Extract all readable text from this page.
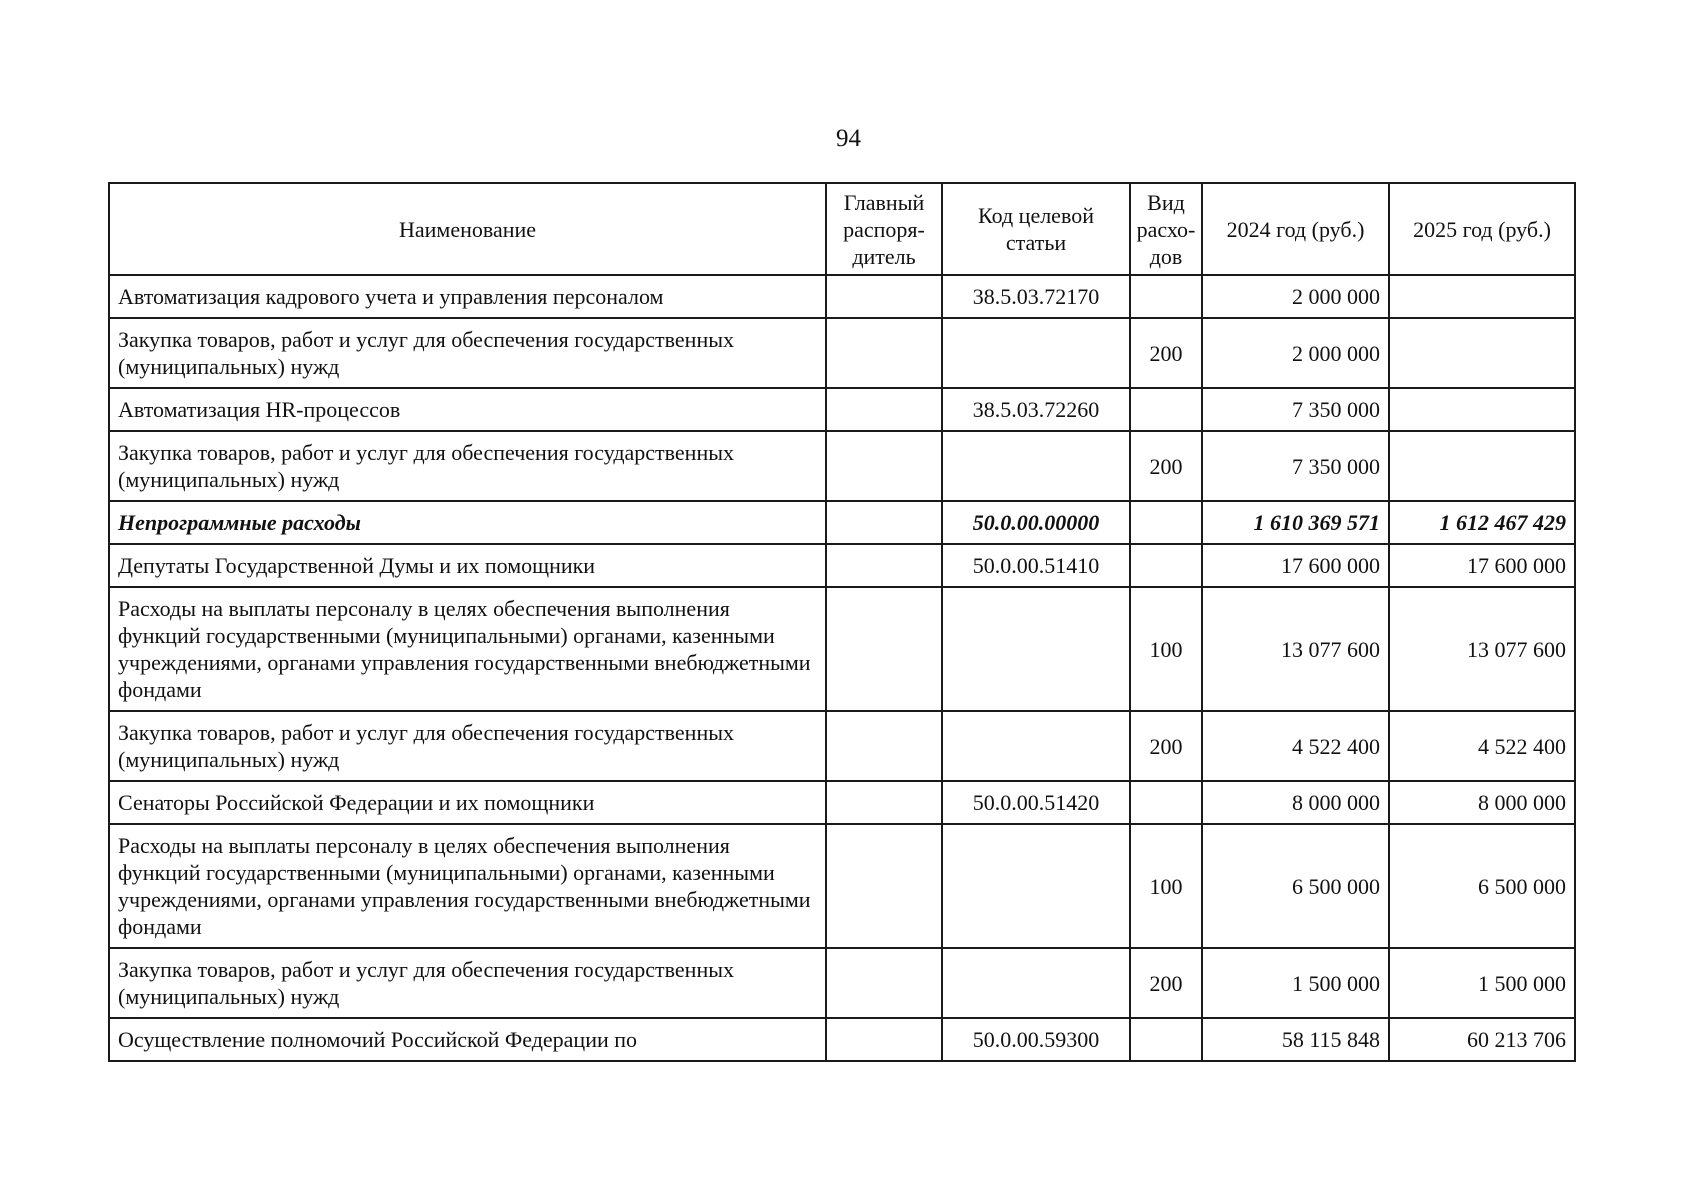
94
Наименование	Главный распоря-дитель	Код целевой статьи	Вид расхо-дов	2024 год (руб.)	2025 год (руб.)
Автоматизация кадрового учета и управления персоналом		38.5.03.72170		2 000 000	
Закупка товаров, работ и услуг для обеспечения государственных (муниципальных) нужд			200	2 000 000	
Автоматизация HR-процессов		38.5.03.72260		7 350 000	
Закупка товаров, работ и услуг для обеспечения государственных (муниципальных) нужд			200	7 350 000	
Непрограммные расходы		50.0.00.00000		1 610 369 571	1 612 467 429
Депутаты Государственной Думы и их помощники		50.0.00.51410		17 600 000	17 600 000
Расходы на выплаты персоналу в целях обеспечения выполнения функций государственными (муниципальными) органами, казенными учреждениями, органами управления государственными внебюджетными фондами			100	13 077 600	13 077 600
Закупка товаров, работ и услуг для обеспечения государственных (муниципальных) нужд			200	4 522 400	4 522 400
Сенаторы Российской Федерации и их помощники		50.0.00.51420		8 000 000	8 000 000
Расходы на выплаты персоналу в целях обеспечения выполнения функций государственными (муниципальными) органами, казенными учреждениями, органами управления государственными внебюджетными фондами			100	6 500 000	6 500 000
Закупка товаров, работ и услуг для обеспечения государственных (муниципальных) нужд			200	1 500 000	1 500 000
Осуществление полномочий Российской Федерации по		50.0.00.59300		58 115 848	60 213 706
